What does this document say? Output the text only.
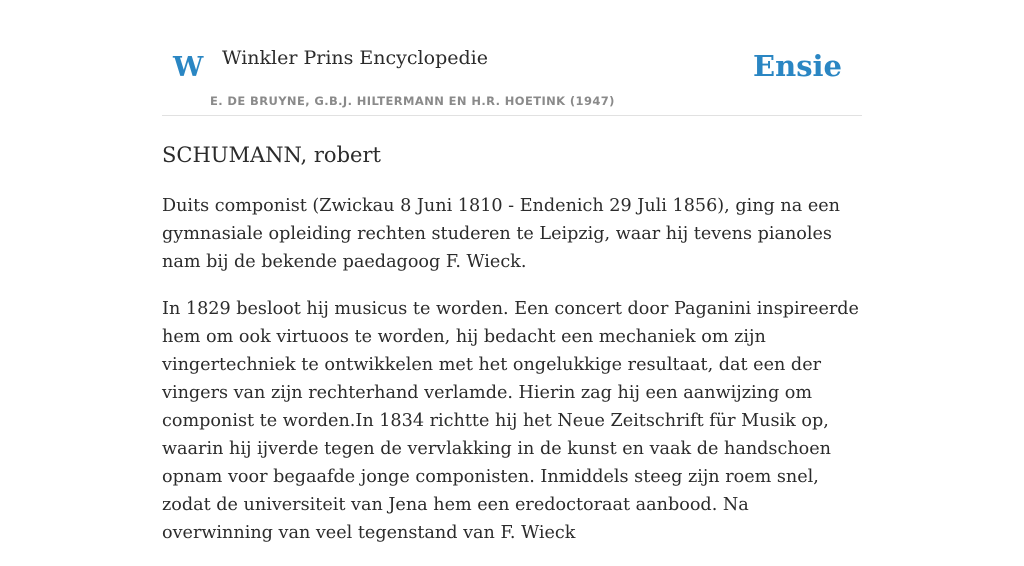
W Winkler Prins Encyclopedie
E. DE BRUYNE, G.B.J. HILTERMANN EN H.R. HOETINK (1947)
Ensie
SCHUMANN, robert

Duits componist (Zwickau 8 Juni 1810 - Endenich 29 Juli 1856), ging na een gymnasiale opleiding rechten studeren te Leipzig, waar hij tevens pianoles nam bij de bekende paedagoog F. Wieck.

In 1829 besloot hij musicus te worden. Een concert door Paganini inspireerde hem om ook virtuoos te worden, hij bedacht een mechaniek om zijn vingertechniek te ontwikkelen met het ongelukkige resultaat, dat een der vingers van zijn rechterhand verlamde. Hierin zag hij een aanwijzing om componist te worden.In 1834 richtte hij het Neue Zeitschrift für Musik op, waarin hij ijverde tegen de vervlakking in de kunst en vaak de handschoen opnam voor begaafde jonge componisten. Inmiddels steeg zijn roem snel, zodat de universiteit van Jena hem een eredoctoraat aanbood. Na overwinning van veel tegenstand van F. Wieck
